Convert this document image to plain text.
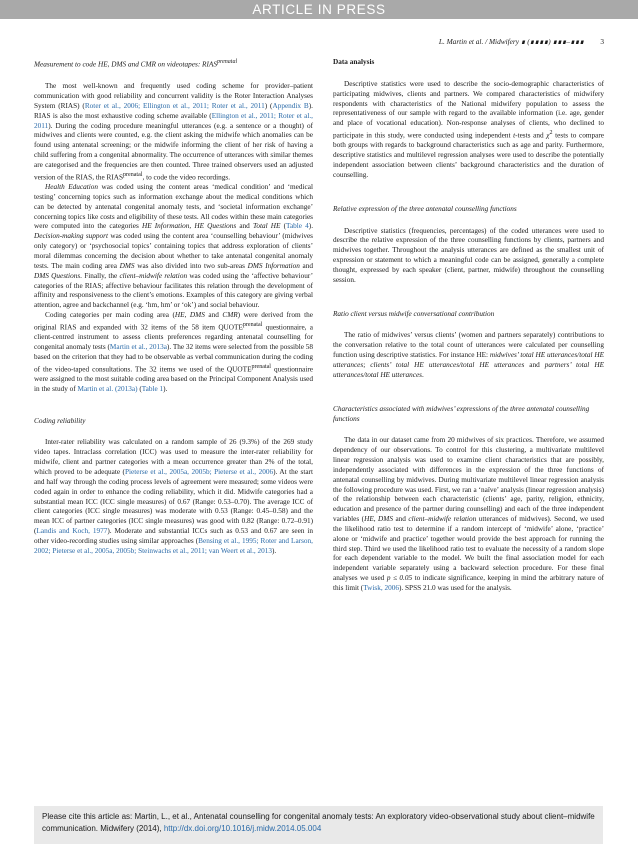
ARTICLE IN PRESS
L. Martin et al. / Midwifery ∎ (∎∎∎∎) ∎∎∎–∎∎∎ 3
Measurement to code HE, DMS and CMR on videotapes: $RIAS^{prenatal}$

The most well-known and frequently used coding scheme for provider–patient communication with good reliability and concurrent validity is the Roter Interaction Analyses System (RIAS) (Roter et al., 2006; Ellington et al., 2011; Roter et al., 2011) (Appendix B). RIAS is also the most exhaustive coding scheme available (Ellington et al., 2011; Roter et al., 2011). During the coding procedure meaningful utterances (e.g. a sentence or a thought) of midwives and clients were counted, e.g. the client asking the midwife which anomalies can be found using antenatal screening; or the midwife informing the client of her risk of having a child suffering from a congenital abnormality. The occurrence of utterances with similar themes are categorised and the frequencies are then counted. Three trained observers used an adjusted version of the RIAS, the $RIAS^{prenatal}$, to code the video recordings.

Health Education was coded using the content areas ‘medical condition’ and ‘medical testing’ concerning topics such as information exchange about the medical conditions which can be detected by antenatal congenital anomaly tests, and ‘societal information exchange’ concerning topics like costs and eligibility of these tests. All codes within these main categories were computed into the categories HE Information, HE Questions and Total HE (Table 4). Decision-making support was coded using the content area ‘counselling behaviour’ (midwives only category) or ‘psychosocial topics’ containing topics that address exploration of clients’ moral dilemmas concerning the decision about whether to take antenatal congenital anomaly tests. The main coding area DMS was also divided into two sub-areas DMS Information and DMS Questions. Finally, the client–midwife relation was coded using the ‘affective behaviour’ categories of the RIAS; affective behaviour facilitates this relation through the development of affinity and responsiveness to the client’s emotions. Examples of this category are giving verbal attention, agree and backchannel (e.g. ‘hm, hm’ or ‘ok’) and social behaviour.

Coding categories per main coding area (HE, DMS and CMR) were derived from the original RIAS and expanded with 32 items of the 58 item $QUOTE^{prenatal}$ questionnaire, a client-centred instrument to assess clients preferences regarding antenatal counselling for congenital anomaly tests (Martin et al., 2013a). The 32 items were selected from the possible 58 based on the criterion that they had to be observable as verbal communication during the coding of the video-taped consultations. The 32 items we used of the $QUOTE^{prenatal}$ questionnaire were assigned to the most suitable coding area based on the Principal Component Analysis used in the study of Martin et al. (2013a) (Table 1).

Coding reliability

Inter-rater reliability was calculated on a random sample of 26 (9.3%) of the 269 study video tapes. Intraclass correlation (ICC) was used to measure the inter-rater reliability for midwife, client and partner categories with a mean occurrence greater than 2% of the total, which proved to be adequate (Pieterse et al., 2005a, 2005b; Pieterse et al., 2006). At the start and half way through the coding process levels of agreement were measured; some videos were coded again in order to enhance the coding reliability, which it did. Midwife categories had a substantial mean ICC (ICC single measures) of 0.67 (Range: 0.53–0.70). The average ICC of client categories (ICC single measures) was moderate with 0.53 (Range: 0.45–0.58) and the mean ICC of partner categories (ICC single measures) was good with 0.82 (Range: 0.72–0.91) (Landis and Koch, 1977). Moderate and substantial ICCs such as 0.53 and 0.67 are seen in other video-recording studies using similar approaches (Bensing et al., 1995; Roter and Larson, 2002; Pieterse et al., 2005a, 2005b; Steinwachs et al., 2011; van Weert et al., 2013).

Data analysis

Descriptive statistics were used to describe the socio-demographic characteristics of participating midwives, clients and partners. We compared characteristics of midwifery respondents with characteristics of the National midwifery population to assess the representativeness of our sample with regard to the available information (i.e. age, gender and place of vocational education). Non-response analyses of clients, who declined to participate in this study, were conducted using independent t-tests and $\chi^2$ tests to compare both groups with regards to background characteristics such as age and parity. Furthermore, descriptive statistics and multilevel regression analyses were used to describe the potentially independent association between clients’ background characteristics and the duration of counselling.

Relative expression of the three antenatal counselling functions

Descriptive statistics (frequencies, percentages) of the coded utterances were used to describe the relative expression of the three counselling functions by clients, partners and midwives together. Throughout the analysis utterances are defined as the smallest unit of expression or statement to which a meaningful code can be assigned, generally a complete thought, expressed by each speaker (client, partner, midwife) throughout the counselling session.

Ratio client versus midwife conversational contribution

The ratio of midwives’ versus clients’ (women and partners separately) contributions to the conversation relative to the total count of utterances were calculated per counselling function using descriptive statistics. For instance HE: midwives’ total HE utterances/total HE utterances; clients’ total HE utterances/total HE utterances and partners’ total HE utterances/total HE utterances.

Characteristics associated with midwives’ expressions of the three antenatal counselling functions

The data in our dataset came from 20 midwives of six practices. Therefore, we assumed dependency of our observations. To control for this clustering, a multivariate multilevel linear regression analysis was used to examine client characteristics that are possibly, independently associated with differences in the expression of the three functions of antenatal counselling by midwives. During multivariate multilevel linear regression analysis the following procedure was used. First, we ran a ‘naïve’ analysis (linear regression analysis) of the relationship between each characteristic (clients’ age, parity, religion, ethnicity, education and presence of the partner during counselling) and each of the three independent variables (HE, DMS and client–midwife relation utterances of midwives). Second, we used the likelihood ratio test to determine if a random intercept of ‘midwife’ alone, ‘practice’ alone or ‘midwife and practice’ together would provide the best approach for running the third step. Third we used the likelihood ratio test to evaluate the necessity of a random slope for each dependent variable to the model. We built the final association model for each independent variable separately using a backward selection procedure. For these final analyses we used p ≤ 0.05 to indicate significance, keeping in mind the arbitrary nature of this limit (Twisk, 2006). SPSS 21.0 was used for the analysis.

Please cite this article as: Martin, L., et al., Antenatal counselling for congenital anomaly tests: An exploratory video-observational study about client–midwife communication. Midwifery (2014), http://dx.doi.org/10.1016/j.midw.2014.05.004
